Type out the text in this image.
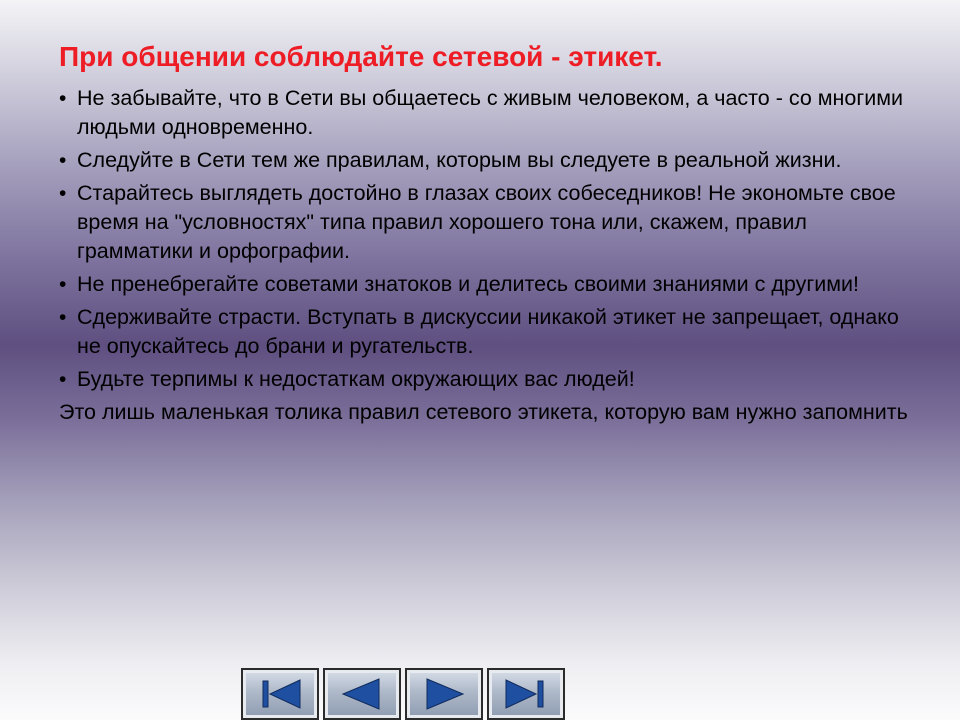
При общении соблюдайте сетевой - этикет.
• Не забывайте, что в Сети вы общаетесь с живым человеком, а часто - со многими людьми одновременно.
• Следуйте в Сети тем же правилам, которым вы следуете в реальной жизни.
• Старайтесь выглядеть достойно в глазах своих собеседников! Не экономьте свое время на "условностях" типа правил хорошего тона или, скажем, правил грамматики и орфографии.
• Не пренебрегайте советами знатоков и делитесь своими знаниями с другими!
• Сдерживайте страсти. Вступать в дискуссии никакой этикет не запрещает, однако не опускайтесь до брани и ругательств.
• Будьте терпимы к недостаткам окружающих вас людей!

Это лишь маленькая толика правил сетевого этикета, которую вам нужно запомнить
